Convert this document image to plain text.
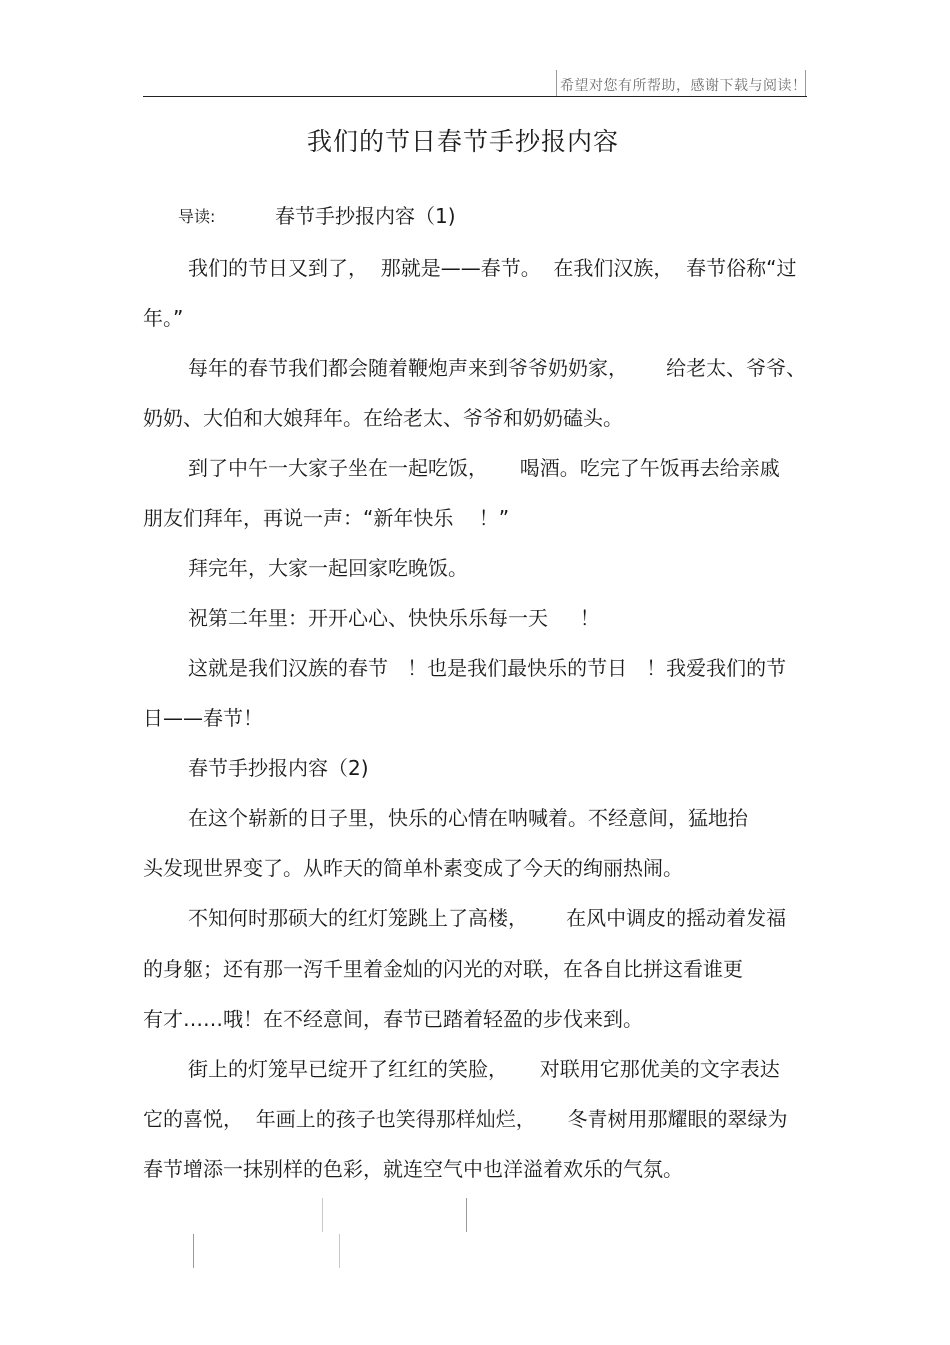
希望对您有所帮助，感谢下载与阅读！
我们的节日春节手抄报内容
导读:	春节手抄报内容（1)
我们的节日又到了，  那就是——春节。  在我们汉族，  春节俗称“过
年。”
每年的春节我们都会随着鞭炮声来到爷爷奶奶家，      给老太、爷爷、
奶奶、大伯和大娘拜年。在给老太、爷爷和奶奶磕头。
到了中午一大家子坐在一起吃饭，     喝酒。吃完了午饭再去给亲戚
朋友们拜年，再说一声：“新年快乐    ！”
拜完年，大家一起回家吃晚饭。
祝第二年里：开开心心、快快乐乐每一天     ！
这就是我们汉族的春节   ！也是我们最快乐的节日   ！我爱我们的节
日——春节！
春节手抄报内容（2)
在这个崭新的日子里，快乐的心情在呐喊着。不经意间，猛地抬
头发现世界变了。从昨天的简单朴素变成了今天的绚丽热闹。
不知何时那硕大的红灯笼跳上了高楼，      在风中调皮的摇动着发福
的身躯；还有那一泻千里着金灿的闪光的对联，在各自比拼这看谁更
有才……哦！在不经意间，春节已踏着轻盈的步伐来到。
街上的灯笼早已绽开了红红的笑脸，     对联用它那优美的文字表达
它的喜悦，  年画上的孩子也笑得那样灿烂，     冬青树用那耀眼的翠绿为
春节增添一抹别样的色彩，就连空气中也洋溢着欢乐的气氛。
